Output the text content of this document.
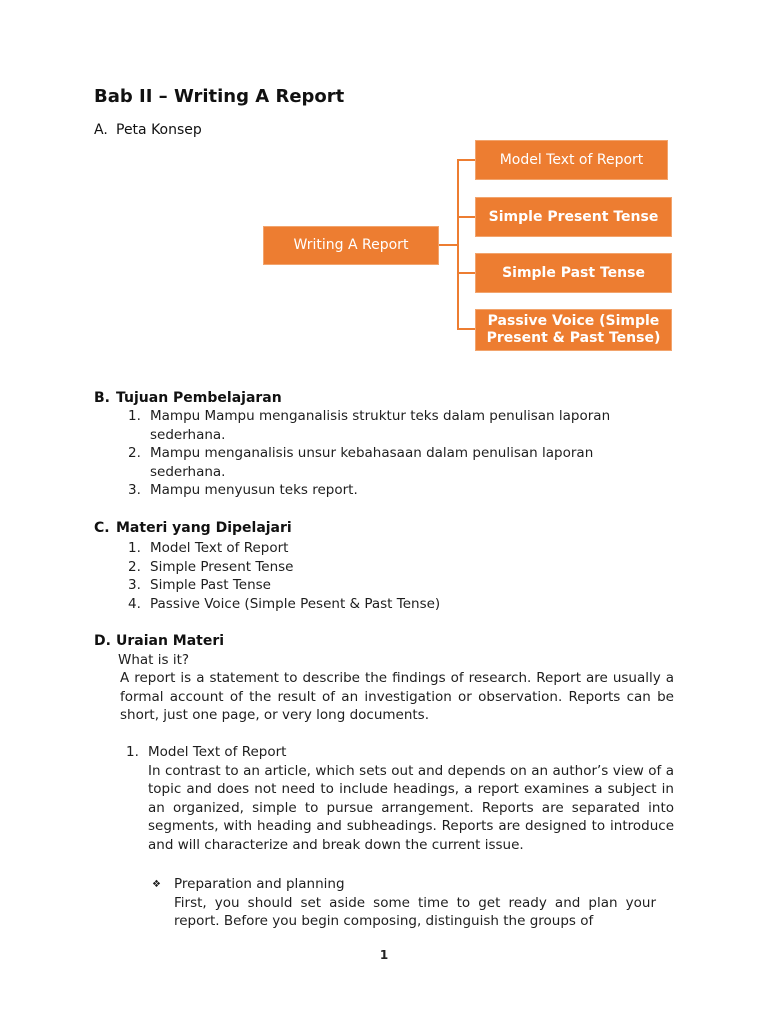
Bab II – Writing A Report
A. Peta Konsep
Writing A Report
Model Text of Report
Simple Present Tense
Simple Past Tense
Passive Voice (Simple Present & Past Tense)
B. Tujuan Pembelajaran
1. Mampu Mampu menganalisis struktur teks dalam penulisan laporan sederhana.
2. Mampu menganalisis unsur kebahasaan dalam penulisan laporan sederhana.
3. Mampu menyusun teks report.
C. Materi yang Dipelajari
1. Model Text of Report
2. Simple Present Tense
3. Simple Past Tense
4. Passive Voice (Simple Pesent & Past Tense)
D. Uraian Materi
What is it?
A report is a statement to describe the findings of research. Report are usually a formal account of the result of an investigation or observation. Reports can be short, just one page, or very long documents.
1. Model Text of Report
In contrast to an article, which sets out and depends on an author’s view of a topic and does not need to include headings, a report examines a subject in an organized, simple to pursue arrangement. Reports are separated into segments, with heading and subheadings. Reports are designed to introduce and will characterize and break down the current issue.
❖ Preparation and planning
First, you should set aside some time to get ready and plan your report. Before you begin composing, distinguish the groups of
1
